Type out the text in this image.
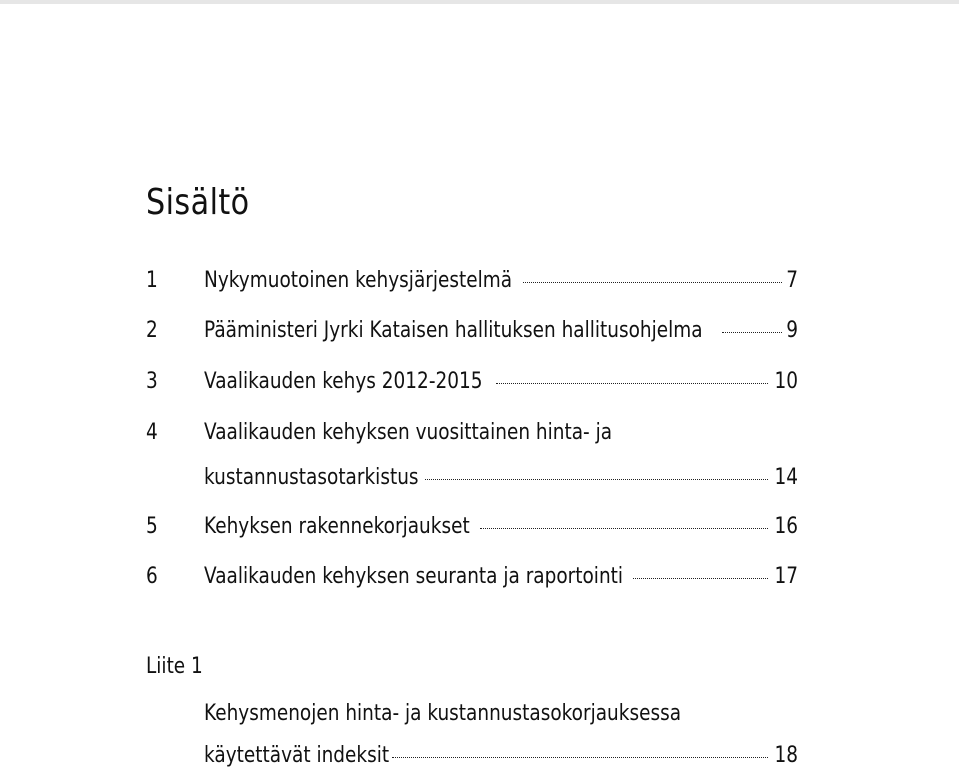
Sisältö
1 Nykymuotoinen kehysjärjestelmä	7
2 Pääministeri Jyrki Kataisen hallituksen hallitusohjelma	9
3 Vaalikauden kehys 2012-2015	10
4 Vaalikauden kehyksen vuosittainen hinta- ja
kustannustasotarkistus	14
5 Kehyksen rakennekorjaukset	16
6 Vaalikauden kehyksen seuranta ja raportointi	17
Liite 1
Kehysmenojen hinta- ja kustannustasokorjauksessa
käytettävät indeksit	18
